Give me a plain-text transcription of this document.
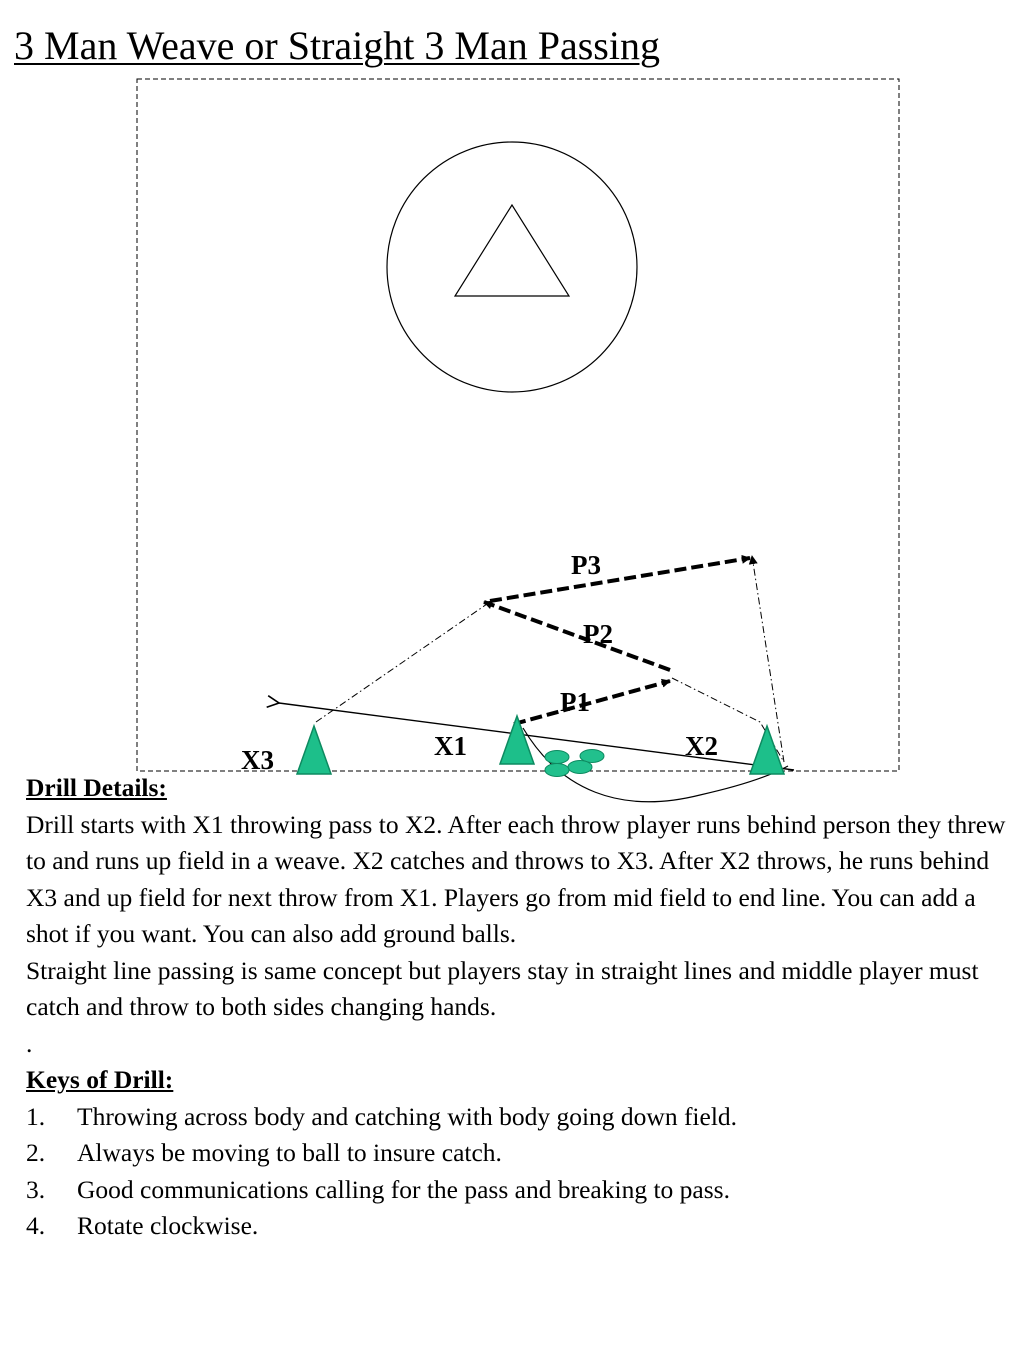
3 Man Weave or Straight 3 Man Passing
X3	X1	X2
P1
P2
P3

Drill Details:

Drill starts with X1 throwing pass to X2. After each throw player runs behind person they threw to and runs up field in a weave. X2 catches and throws to X3. After X2 throws, he runs behind X3 and up field for next throw from X1. Players go from mid field to end line. You can add a shot if you want. You can also add ground balls.

Straight line passing is same concept but players stay in straight lines and middle player must catch and throw to both sides changing hands.

.

Keys of Drill:

1.	Throwing across body and catching with body going down field.
2.	Always be moving to ball to insure catch.
3.	Good communications calling for the pass and breaking to pass.
4.	Rotate clockwise.
